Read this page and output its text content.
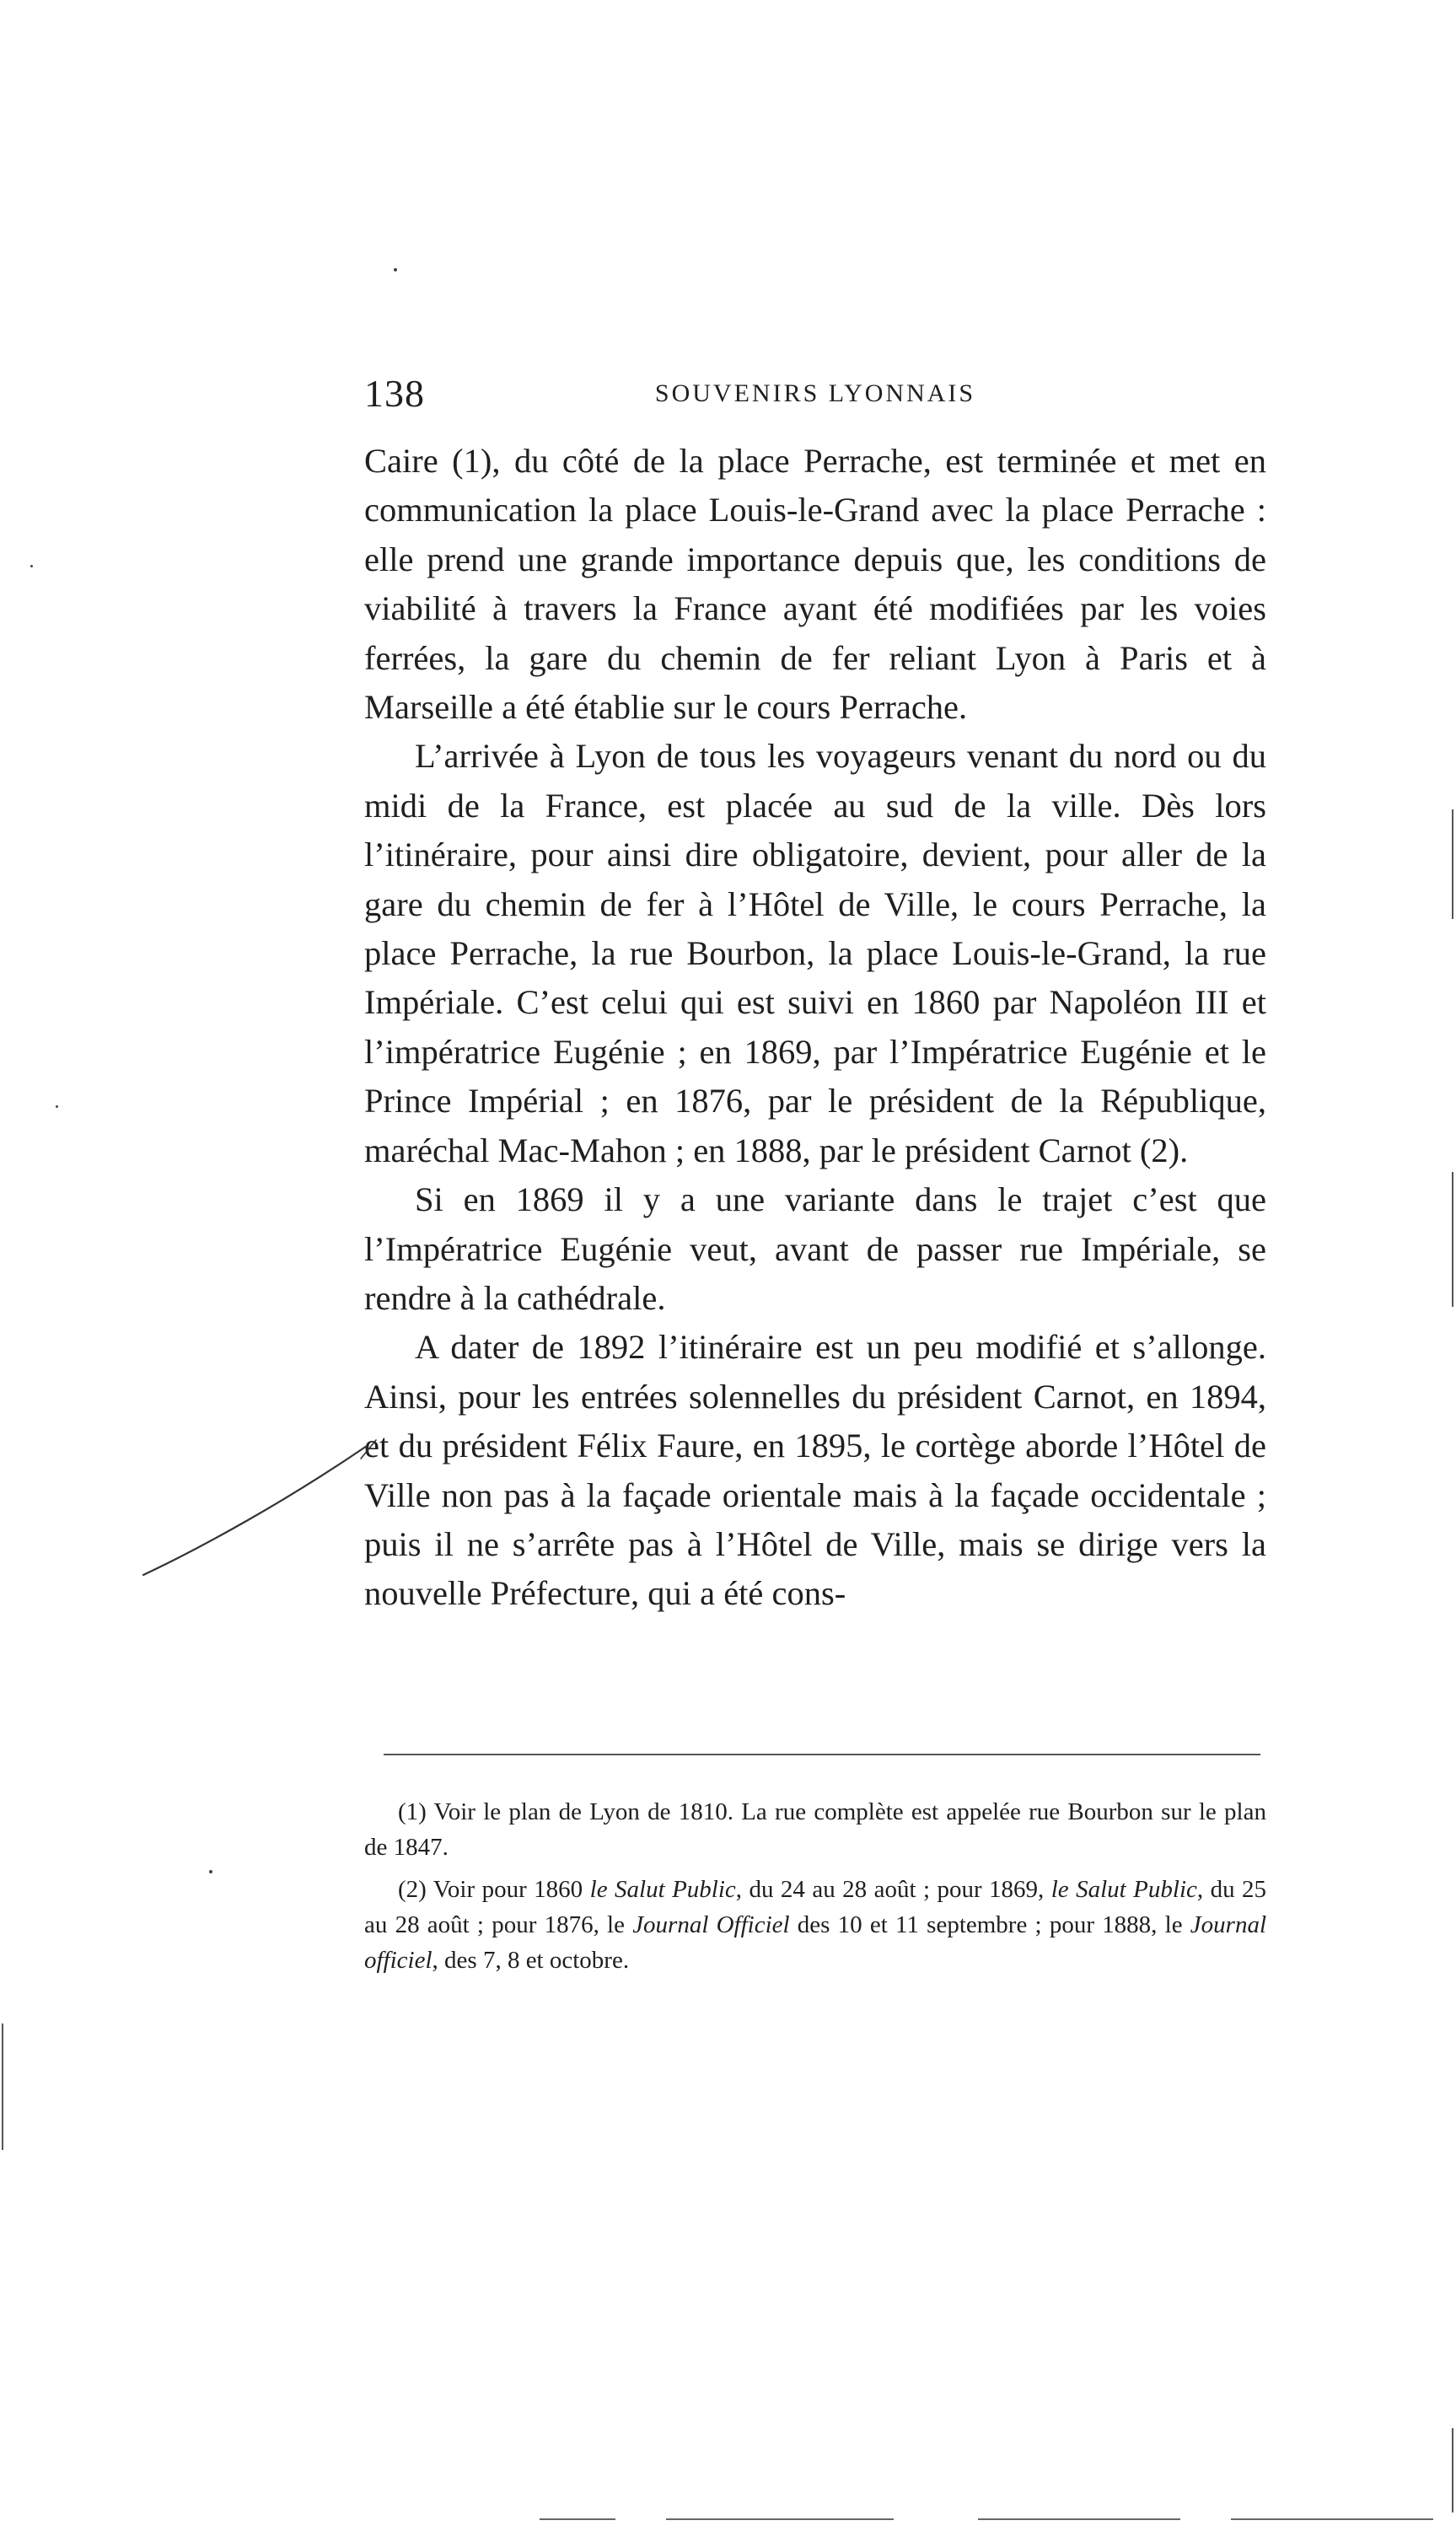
138	SOUVENIRS LYONNAIS

Caire (1), du côté de la place Perrache, est terminée et met en communication la place Louis-le-Grand avec la place Perrache : elle prend une grande importance depuis que, les conditions de viabilité à travers la France ayant été modifiées par les voies ferrées, la gare du chemin de fer reliant Lyon à Paris et à Marseille a été établie sur le cours Perrache.

L’arrivée à Lyon de tous les voyageurs venant du nord ou du midi de la France, est placée au sud de la ville. Dès lors l’itinéraire, pour ainsi dire obligatoire, devient, pour aller de la gare du chemin de fer à l’Hôtel de Ville, le cours Perrache, la place Perrache, la rue Bourbon, la place Louis-le-Grand, la rue Impériale. C’est celui qui est suivi en 1860 par Napoléon III et l’impératrice Eugénie ; en 1869, par l’Impératrice Eugénie et le Prince Impérial ; en 1876, par le président de la République, maréchal Mac-Mahon ; en 1888, par le président Carnot (2).

Si en 1869 il y a une variante dans le trajet c’est que l’Impératrice Eugénie veut, avant de passer rue Impériale, se rendre à la cathédrale.

A dater de 1892 l’itinéraire est un peu modifié et s’allonge. Ainsi, pour les entrées solennelles du président Carnot, en 1894, et du président Félix Faure, en 1895, le cortège aborde l’Hôtel de Ville non pas à la façade orientale mais à la façade occidentale ; puis il ne s’arrête pas à l’Hôtel de Ville, mais se dirige vers la nouvelle Préfecture, qui a été cons-

(1) Voir le plan de Lyon de 1810. La rue complète est appelée rue Bourbon sur le plan de 1847.

(2) Voir pour 1860 le Salut Public, du 24 au 28 août ; pour 1869, le Salut Public, du 25 au 28 août ; pour 1876, le Journal Officiel des 10 et 11 septembre ; pour 1888, le Journal officiel, des 7, 8 et octobre.
